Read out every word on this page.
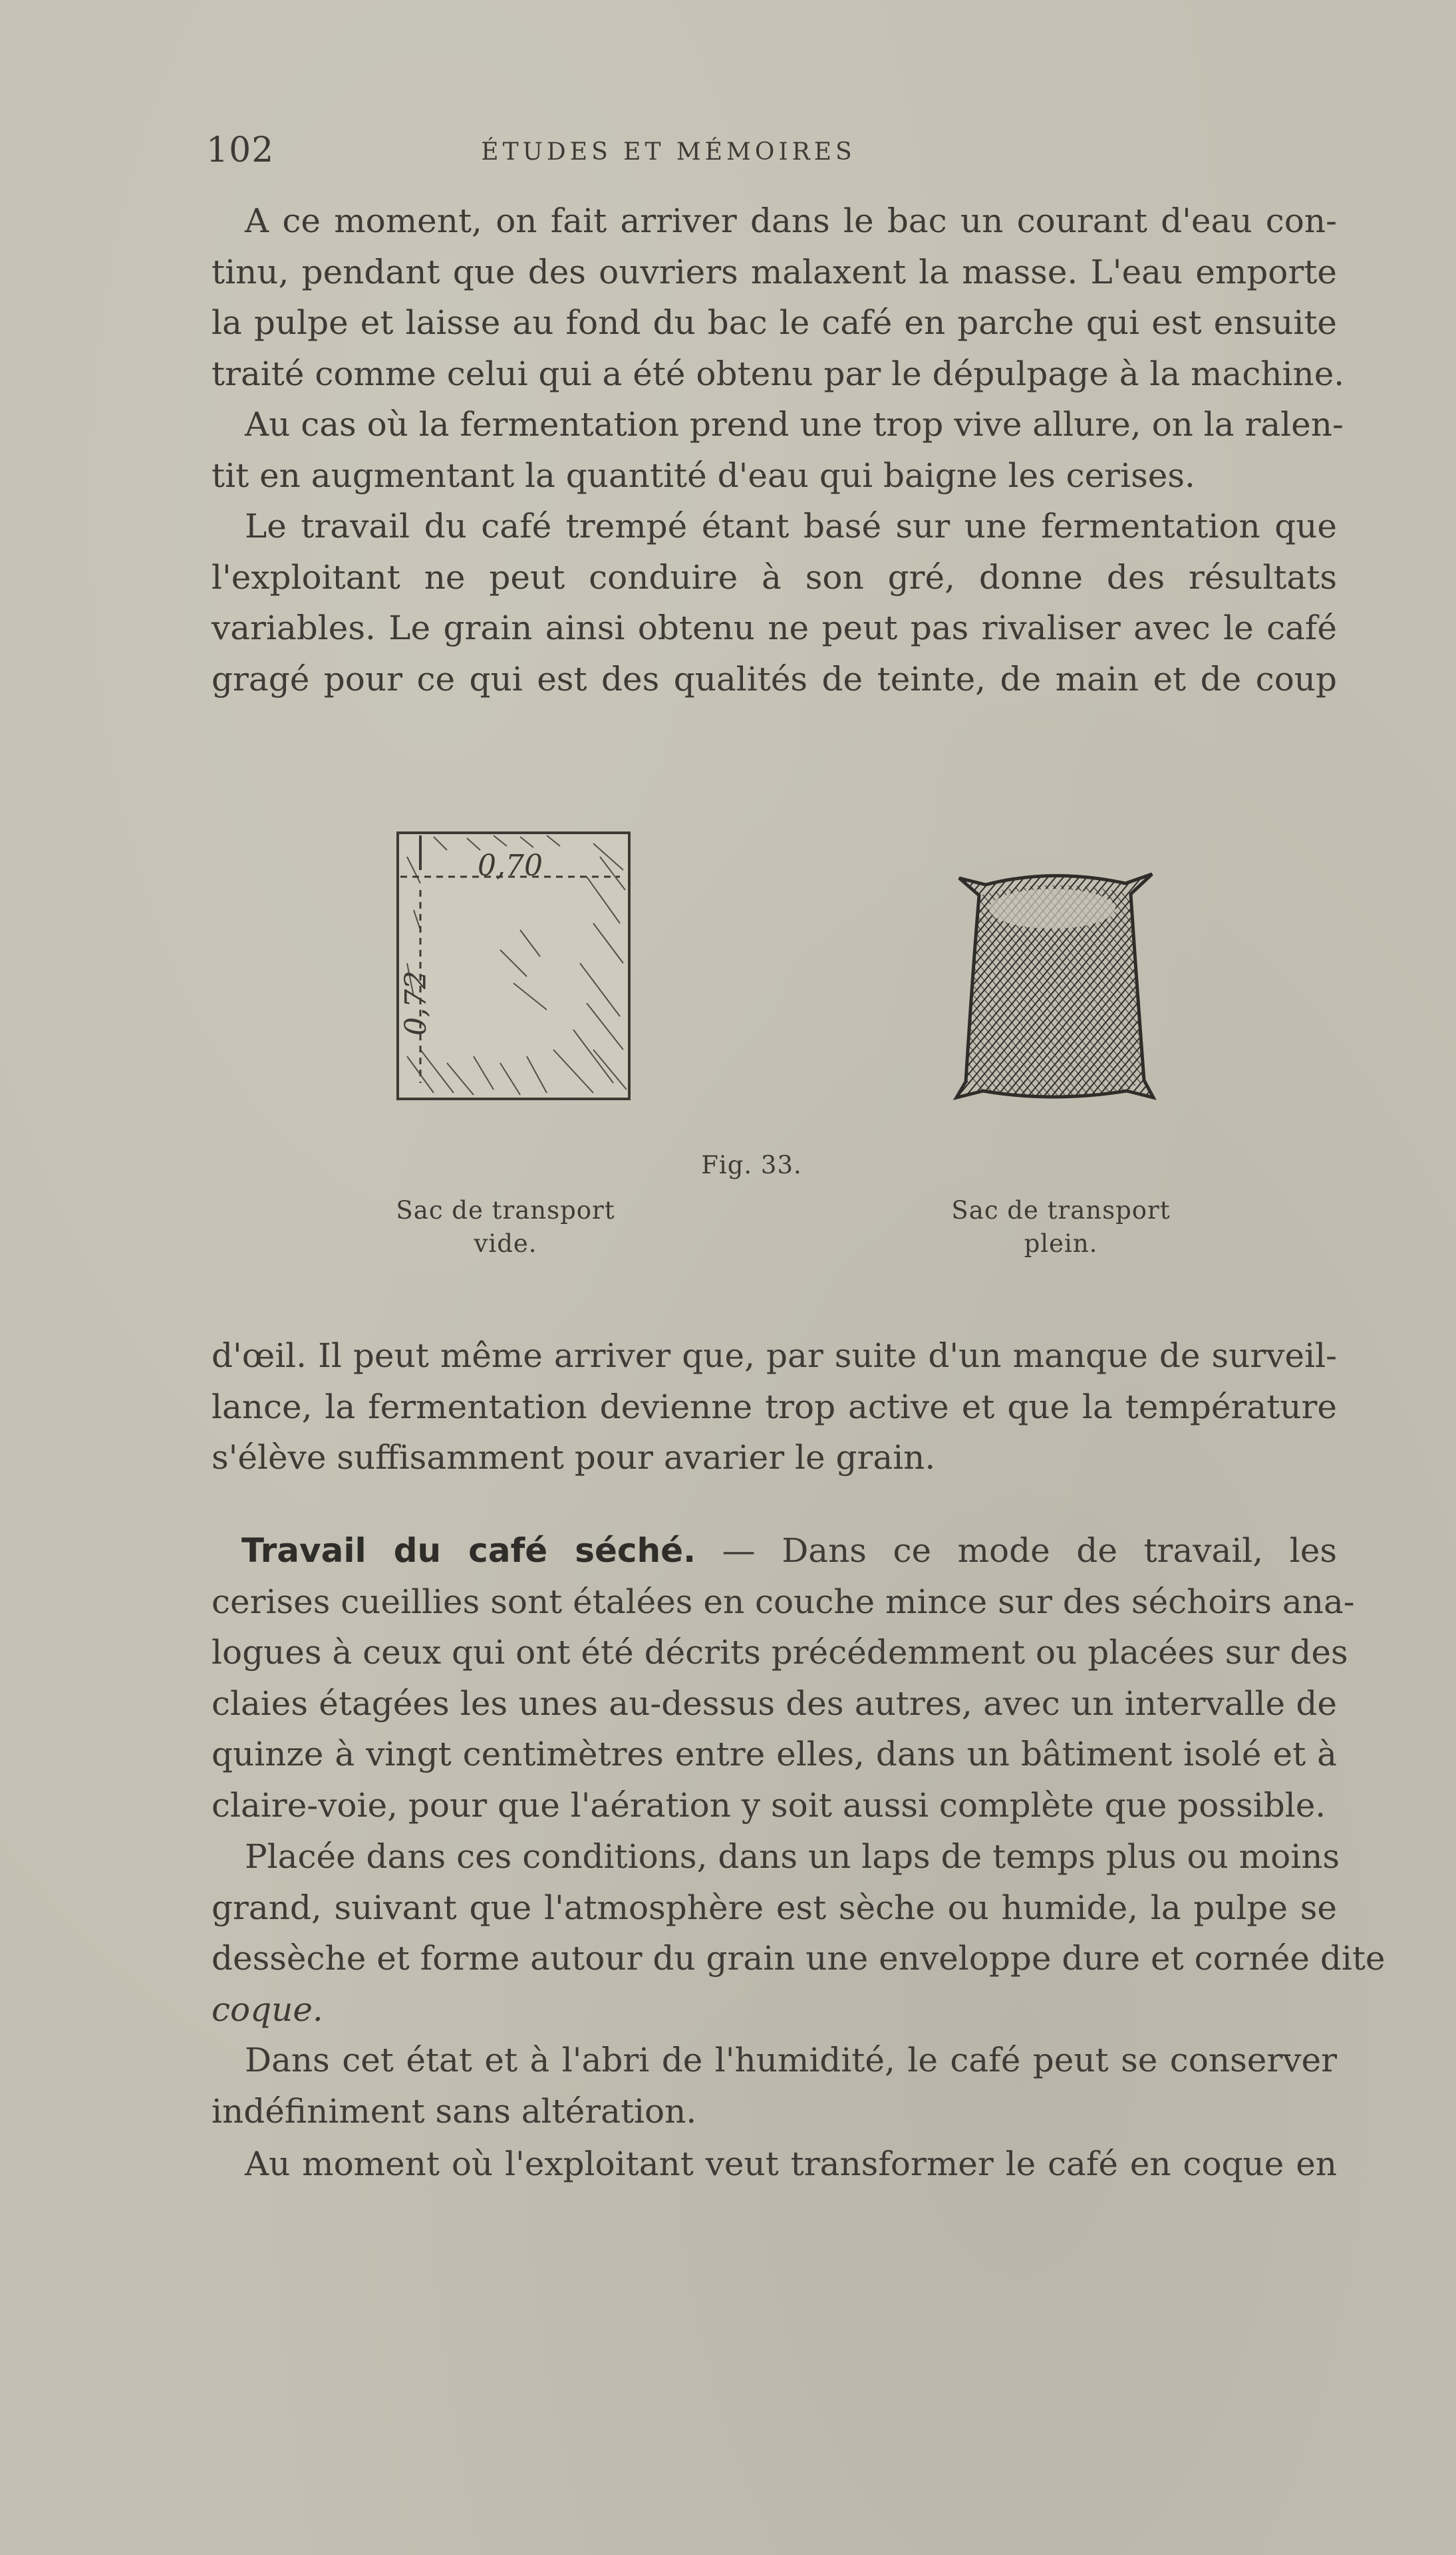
102	ÉTUDES ET MÉMOIRES
A ce moment, on fait arriver dans le bac un courant d'eau con-
tinu, pendant que des ouvriers malaxent la masse. L'eau emporte
la pulpe et laisse au fond du bac le café en parche qui est ensuite
traité comme celui qui a été obtenu par le dépulpage à la machine.
Au cas où la fermentation prend une trop vive allure, on la ralen-
tit en augmentant la quantité d'eau qui baigne les cerises.
Le travail du café trempé étant basé sur une fermentation que
l'exploitant ne peut conduire à son gré, donne des résultats
variables. Le grain ainsi obtenu ne peut pas rivaliser avec le café
gragé pour ce qui est des qualités de teinte, de main et de coup
0,70
0,72
Fig. 33.
Sac de transport
vide.
Sac de transport
plein.
d'œil. Il peut même arriver que, par suite d'un manque de surveil-
lance, la fermentation devienne trop active et que la température
s'élève suffisamment pour avarier le grain.
Travail du café séché. — Dans ce mode de travail, les
cerises cueillies sont étalées en couche mince sur des séchoirs ana-
logues à ceux qui ont été décrits précédemment ou placées sur des
claies étagées les unes au-dessus des autres, avec un intervalle de
quinze à vingt centimètres entre elles, dans un bâtiment isolé et à
claire-voie, pour que l'aération y soit aussi complète que possible.
Placée dans ces conditions, dans un laps de temps plus ou moins
grand, suivant que l'atmosphère est sèche ou humide, la pulpe se
dessèche et forme autour du grain une enveloppe dure et cornée dite
coque.
Dans cet état et à l'abri de l'humidité, le café peut se conserver
indéfiniment sans altération.
Au moment où l'exploitant veut transformer le café en coque en
